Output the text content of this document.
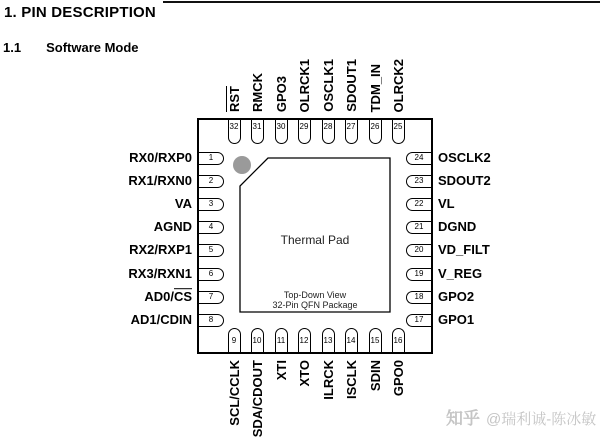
1. PIN DESCRIPTION
1.1 Software Mode
Thermal Pad
Top-Down View
32-Pin QFN Package
32 31 30 29 28 27 26 25
9 10 11 12 13 14 15 16
1
2
3
4
5
6
7
8
24
23
22
21
20
19
18
17
知乎 @瑞利诚-陈冰敏
RST RMCK GPO3 OLRCK1 OSCLK1 SDOUT1 TDM_IN OLRCK2
SCL/CCLK SDA/CDOUT XTI XTO ILRCK ISCLK SDIN GPO0
RX0/RXP0
RX1/RXN0
VA
AGND
RX2/RXP1
RX3/RXN1
AD0/CS
AD1/CDIN
OSCLK2
SDOUT2
VL
DGND
VD_FILT
V_REG
GPO2
GPO1
